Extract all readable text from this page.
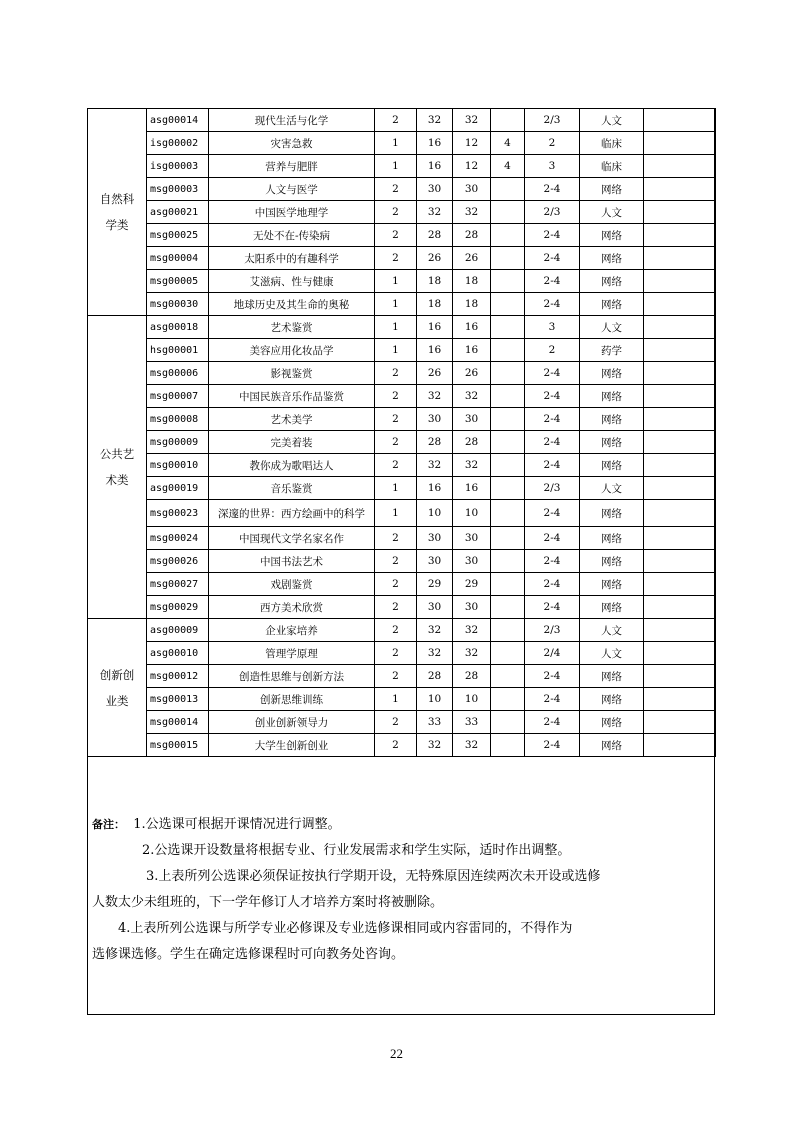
自然科学类	asg00014	现代生活与化学	2	32	32		2/3	人文	
	isg00002	灾害急救	1	16	12	4	2	临床	
	isg00003	营养与肥胖	1	16	12	4	3	临床	
	msg00003	人文与医学	2	30	30		2-4	网络	
	asg00021	中国医学地理学	2	32	32		2/3	人文	
	msg00025	无处不在-传染病	2	28	28		2-4	网络	
	msg00004	太阳系中的有趣科学	2	26	26		2-4	网络	
	msg00005	艾滋病、性与健康	1	18	18		2-4	网络	
	msg00030	地球历史及其生命的奥秘	1	18	18		2-4	网络	
公共艺术类	asg00018	艺术鉴赏	1	16	16		3	人文	
	hsg00001	美容应用化妆品学	1	16	16		2	药学	
	msg00006	影视鉴赏	2	26	26		2-4	网络	
	msg00007	中国民族音乐作品鉴赏	2	32	32		2-4	网络	
	msg00008	艺术美学	2	30	30		2-4	网络	
	msg00009	完美着装	2	28	28		2-4	网络	
	msg00010	教你成为歌唱达人	2	32	32		2-4	网络	
	asg00019	音乐鉴赏	1	16	16		2/3	人文	
	msg00023	深邃的世界：西方绘画中的科学	1	10	10		2-4	网络	
	msg00024	中国现代文学名家名作	2	30	30		2-4	网络	
	msg00026	中国书法艺术	2	30	30		2-4	网络	
	msg00027	戏剧鉴赏	2	29	29		2-4	网络	
	msg00029	西方美术欣赏	2	30	30		2-4	网络	
创新创业类	asg00009	企业家培养	2	32	32		2/3	人文	
	asg00010	管理学原理	2	32	32		2/4	人文	
	msg00012	创造性思维与创新方法	2	28	28		2-4	网络	
	msg00013	创新思维训练	1	10	10		2-4	网络	
	msg00014	创业创新领导力	2	33	33		2-4	网络	
	msg00015	大学生创新创业	2	32	32		2-4	网络	

备注： 1.公选课可根据开课情况进行调整。

2.公选课开设数量将根据专业、行业发展需求和学生实际，适时作出调整。

3.上表所列公选课必须保证按执行学期开设，无特殊原因连续两次未开设或选修

人数太少未组班的，下一学年修订人才培养方案时将被删除。

4.上表所列公选课与所学专业必修课及专业选修课相同或内容雷同的，不得作为

选修课选修。学生在确定选修课程时可向教务处咨询。

22
